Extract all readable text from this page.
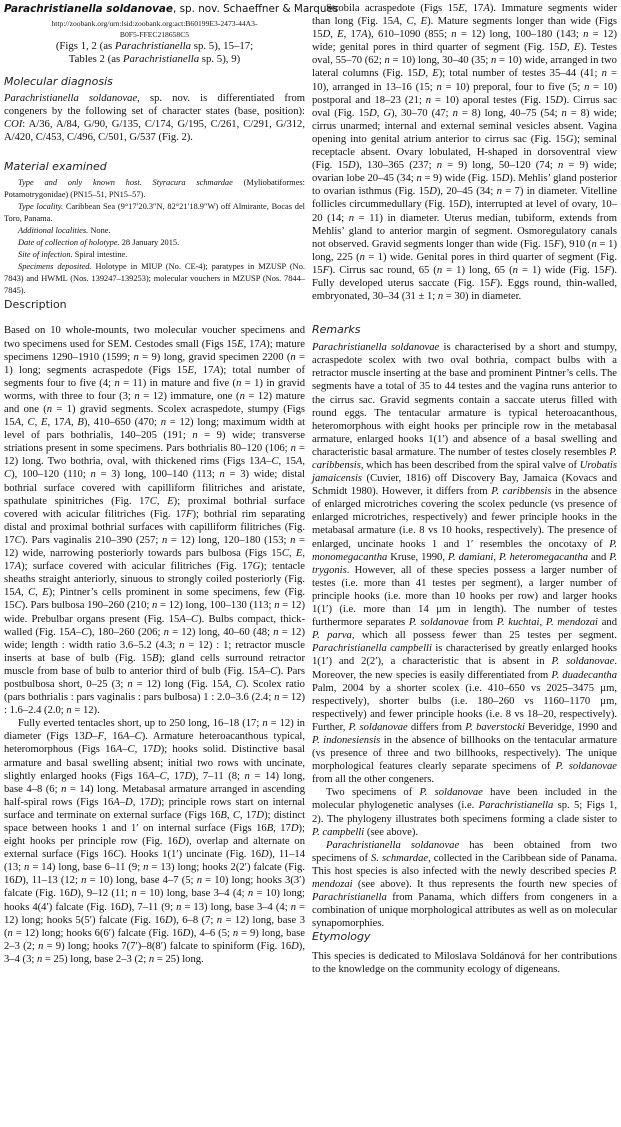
Parachristianella soldanovae, sp. nov. Schaeffner & Marques

http://zoobank.org/urn:lsid:zoobank.org:act:B60199E3-2473-44A3-
B0F5-FFEC218658C5

(Figs 1, 2 (as Parachristianella sp. 5), 15–17;

Tables 2 (as Parachristianella sp. 5), 9)

Molecular diagnosis

Parachristianella soldanovae, sp. nov. is differentiated from congeners by the following set of character states (base, position): COI: A/36, A/84, G/90, G/135, C/174, G/195, C/261, C/291, G/312, A/420, C/453, C/496, C/501, G/537 (Fig. 2).

Material examined

Type and only known host. Styracura schmardae (Myliobatiformes: Potamotrygonidae) (PN15–51, PN15–57).

Type locality. Caribbean Sea (9°17′20.3″N, 82°21′18.9″W) off Almirante, Bocas del Toro, Panama.

Additional localities. None.

Date of collection of holotype. 28 January 2015.

Site of infection. Spiral intestine.

Specimens deposited. Holotype in MIUP (No. CE-4); paratypes in MZUSP (No. 7843) and HWML (Nos. 139247–139253); molecular vouchers in MZUSP (Nos. 7844–7845).

Description

Based on 10 whole-mounts, two molecular voucher specimens and two specimens used for SEM. Cestodes small (Figs 15E, 17A); mature specimens 1290–1910 (1599; n = 9) long, gravid specimen 2200 (n = 1) long; segments acraspedote (Figs 15E, 17A); total number of segments four to five (4; n = 11) in mature and five (n = 1) in gravid worms, with three to four (3; n = 12) immature, one (n = 12) mature and one (n = 1) gravid segments. Scolex acraspedote, stumpy (Figs 15A, C, E, 17A, B), 410–650 (470; n = 12) long; maximum width at level of pars bothrialis, 140–205 (191; n = 9) wide; transverse striations present in some specimens. Pars bothrialis 80–120 (106; n = 12) long. Two bothria, oval, with thickened rims (Figs 13A–C, 15A, C), 100–120 (110; n = 3) long, 100–140 (113; n = 3) wide; distal bothrial surface covered with capilliform filitriches and aristate, spathulate spinitriches (Fig. 17C, E); proximal bothrial surface covered with acicular filitriches (Fig. 17F); bothrial rim separating distal and proximal bothrial surfaces with capilliform filitriches (Fig. 17C). Pars vaginalis 210–390 (257; n = 12) long, 120–180 (153; n = 12) wide, narrowing posteriorly towards pars bulbosa (Figs 15C, E, 17A); surface covered with acicular filitriches (Fig. 17G); tentacle sheaths straight anteriorly, sinuous to strongly coiled posteriorly (Fig. 15A, C, E); Pintner’s cells prominent in some specimens, few (Fig. 15C). Pars bulbosa 190–260 (210; n = 12) long, 100–130 (113; n = 12) wide. Prebulbar organs present (Fig. 15A–C). Bulbs compact, thick-walled (Fig. 15A–C), 180–260 (206; n = 12) long, 40–60 (48; n = 12) wide; length : width ratio 3.6–5.2 (4.3; n = 12) : 1; retractor muscle inserts at base of bulb (Fig. 15B); gland cells surround retractor muscle from base of bulb to anterior third of bulb (Fig. 15A–C). Pars postbulbosa short, 0–25 (3; n = 12) long (Fig. 15A, C). Scolex ratio (pars bothrialis : pars vaginalis : pars bulbosa) 1 : 2.0–3.6 (2.4; n = 12) : 1.6–2.4 (2.0; n = 12).

Fully everted tentacles short, up to 250 long, 16–18 (17; n = 12) in diameter (Figs 13D–F, 16A–C). Armature heteroacanthous typical, heteromorphous (Figs 16A–C, 17D); hooks solid. Distinctive basal armature and basal swelling absent; initial two rows with uncinate, slightly enlarged hooks (Figs 16A–C, 17D), 7–11 (8; n = 14) long, base 4–8 (6; n = 14) long. Metabasal armature arranged in ascending half-spiral rows (Figs 16A–D, 17D); principle rows start on internal surface and terminate on external surface (Figs 16B, C, 17D); distinct space between hooks 1 and 1′ on internal surface (Figs 16B, 17D); eight hooks per principle row (Fig. 16D), overlap and alternate on external surface (Figs 16C). Hooks 1(1′) uncinate (Fig. 16D), 11–14 (13; n = 14) long, base 6–11 (9; n = 13) long; hooks 2(2′) falcate (Fig. 16D), 11–13 (12; n = 10) long, base 4–7 (5; n = 10) long; hooks 3(3′) falcate (Fig. 16D), 9–12 (11; n = 10) long, base 3–4 (4; n = 10) long; hooks 4(4′) falcate (Fig. 16D), 7–11 (9; n = 13) long, base 3–4 (4; n = 12) long; hooks 5(5′) falcate (Fig. 16D), 6–8 (7; n = 12) long, base 3 (n = 12) long; hooks 6(6′) falcate (Fig. 16D), 4–6 (5; n = 9) long, base 2–3 (2; n = 9) long; hooks 7(7′)–8(8′) falcate to spiniform (Fig. 16D), 3–4 (3; n = 25) long, base 2–3 (2; n = 25) long.

Strobila acraspedote (Figs 15E, 17A). Immature segments wider than long (Fig. 15A, C, E). Mature segments longer than wide (Figs 15D, E, 17A), 610–1090 (855; n = 12) long, 100–180 (143; n = 12) wide; genital pores in third quarter of segment (Fig. 15D, E). Testes oval, 55–70 (62; n = 10) long, 30–40 (35; n = 10) wide, arranged in two lateral columns (Fig. 15D, E); total number of testes 35–44 (41; n = 10), arranged in 13–16 (15; n = 10) preporal, four to five (5; n = 10) postporal and 18–23 (21; n = 10) aporal testes (Fig. 15D). Cirrus sac oval (Fig. 15D, G), 30–70 (47; n = 8) long, 40–75 (54; n = 8) wide; cirrus unarmed; internal and external seminal vesicles absent. Vagina opening into genital atrium anterior to cirrus sac (Fig. 15G); seminal receptacle absent. Ovary lobulated, H-shaped in dorsoventral view (Fig. 15D), 130–365 (237; n = 9) long, 50–120 (74; n = 9) wide; ovarian lobe 20–45 (34; n = 9) wide (Fig. 15D). Mehlis’ gland posterior to ovarian isthmus (Fig. 15D), 20–45 (34; n = 7) in diameter. Vitelline follicles circummedullary (Fig. 15D), interrupted at level of ovary, 10–20 (14; n = 11) in diameter. Uterus median, tubiform, extends from Mehlis’ gland to anterior margin of segment. Osmoregulatory canals not observed. Gravid segments longer than wide (Fig. 15F), 910 (n = 1) long, 225 (n = 1) wide. Genital pores in third quarter of segment (Fig. 15F). Cirrus sac round, 65 (n = 1) long, 65 (n = 1) wide (Fig. 15F). Fully developed uterus saccate (Fig. 15F). Eggs round, thin-walled, embryonated, 30–34 (31 ± 1; n = 30) in diameter.

Remarks

Parachristianella soldanovae is characterised by a short and stumpy, acraspedote scolex with two oval bothria, compact bulbs with a retractor muscle inserting at the base and prominent Pintner’s cells. The segments have a total of 35 to 44 testes and the vagina runs anterior to the cirrus sac. Gravid segments contain a saccate uterus filled with round eggs. The tentacular armature is typical heteroacanthous, heteromorphous with eight hooks per principle row in the metabasal armature, enlarged hooks 1(1′) and absence of a basal swelling and characteristic basal armature. The number of testes closely resembles P. caribbensis, which has been described from the spiral valve of Urobatis jamaicensis (Cuvier, 1816) off Discovery Bay, Jamaica (Kovacs and Schmidt 1980). However, it differs from P. caribbensis in the absence of enlarged microtriches covering the scolex peduncle (vs presence of enlarged microtriches, respectively) and fewer principle hooks in the metabasal armature (i.e. 8 vs 10 hooks, respectively). The presence of enlarged, uncinate hooks 1 and 1′ resembles the oncotaxy of P. monomegacantha Kruse, 1990, P. damiani, P. heteromegacantha and P. trygonis. However, all of these species possess a larger number of testes (i.e. more than 41 testes per segment), a larger number of principle hooks (i.e. more than 10 hooks per row) and larger hooks 1(1′) (i.e. more than 14 µm in length). The number of testes furthermore separates P. soldanovae from P. kuchtai, P. mendozai and P. parva, which all possess fewer than 25 testes per segment. Parachristianella campbelli is characterised by greatly enlarged hooks 1(1′) and 2(2′), a characteristic that is absent in P. soldanovae. Moreover, the new species is easily differentiated from P. duadecantha Palm, 2004 by a shorter scolex (i.e. 410–650 vs 2025–3475 µm, respectively), shorter bulbs (i.e. 180–260 vs 1160–1170 µm, respectively) and fewer principle hooks (i.e. 8 vs 18–20, respectively). Further, P. soldanovae differs from P. baverstocki Beveridge, 1990 and P. indonesiensis in the absence of billhooks on the tentacular armature (vs presence of three and two billhooks, respectively). The unique morphological features clearly separate specimens of P. soldanovae from all the other congeners.

Two specimens of P. soldanovae have been included in the molecular phylogenetic analyses (i.e. Parachristianella sp. 5; Figs 1, 2). The phylogeny illustrates both specimens forming a clade sister to P. campbelli (see above).

Parachristianella soldanovae has been obtained from two specimens of S. schmardae, collected in the Caribbean side of Panama. This host species is also infected with the newly described species P. mendozai (see above). It thus represents the fourth new species of Parachristianella from Panama, which differs from congeners in a combination of unique morphological attributes as well as on molecular synapomorphies.

Etymology

This species is dedicated to Miloslava Soldánová for her contributions to the knowledge on the community ecology of digeneans.
